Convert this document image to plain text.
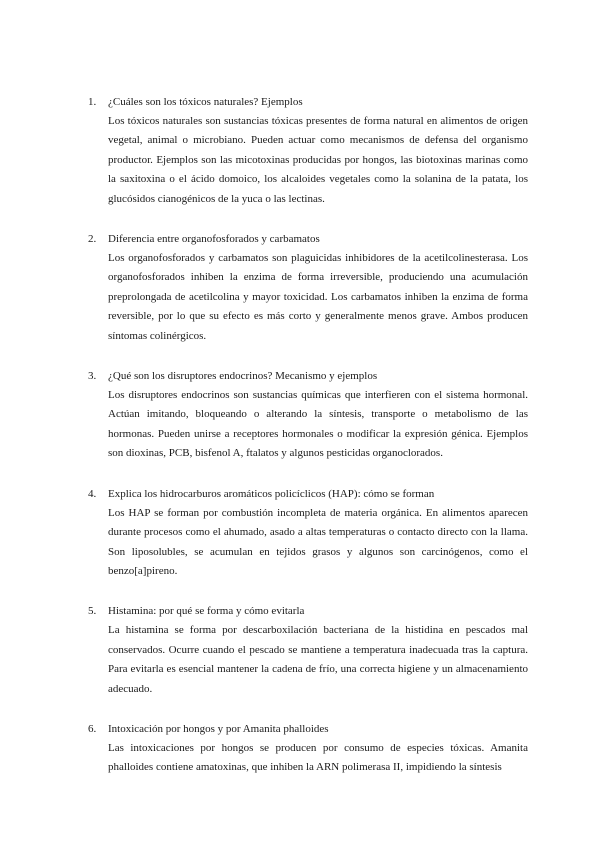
1. ¿Cuáles son los tóxicos naturales? Ejemplos

Los tóxicos naturales son sustancias tóxicas presentes de forma natural en alimentos de origen vegetal, animal o microbiano. Pueden actuar como mecanismos de defensa del organismo productor. Ejemplos son las micotoxinas producidas por hongos, las biotoxinas marinas como la saxitoxina o el ácido domoico, los alcaloides vegetales como la solanina de la patata, los glucósidos cianogénicos de la yuca o las lectinas.

2. Diferencia entre organofosforados y carbamatos

Los organofosforados y carbamatos son plaguicidas inhibidores de la acetilcolinesterasa. Los organofosforados inhiben la enzima de forma irreversible, produciendo una acumulación preprolongada de acetilcolina y mayor toxicidad. Los carbamatos inhiben la enzima de forma reversible, por lo que su efecto es más corto y generalmente menos grave. Ambos producen síntomas colinérgicos.

3. ¿Qué son los disruptores endocrinos? Mecanismo y ejemplos

Los disruptores endocrinos son sustancias químicas que interfieren con el sistema hormonal. Actúan imitando, bloqueando o alterando la síntesis, transporte o metabolismo de las hormonas. Pueden unirse a receptores hormonales o modificar la expresión génica. Ejemplos son dioxinas, PCB, bisfenol A, ftalatos y algunos pesticidas organoclorados.

4. Explica los hidrocarburos aromáticos policíclicos (HAP): cómo se forman

Los HAP se forman por combustión incompleta de materia orgánica. En alimentos aparecen durante procesos como el ahumado, asado a altas temperaturas o contacto directo con la llama. Son liposolubles, se acumulan en tejidos grasos y algunos son carcinógenos, como el benzo[a]pireno.

5. Histamina: por qué se forma y cómo evitarla

La histamina se forma por descarboxilación bacteriana de la histidina en pescados mal conservados. Ocurre cuando el pescado se mantiene a temperatura inadecuada tras la captura. Para evitarla es esencial mantener la cadena de frío, una correcta higiene y un almacenamiento adecuado.

6. Intoxicación por hongos y por Amanita phalloides

Las intoxicaciones por hongos se producen por consumo de especies tóxicas. Amanita phalloides contiene amatoxinas, que inhiben la ARN polimerasa II, impidiendo la síntesis
